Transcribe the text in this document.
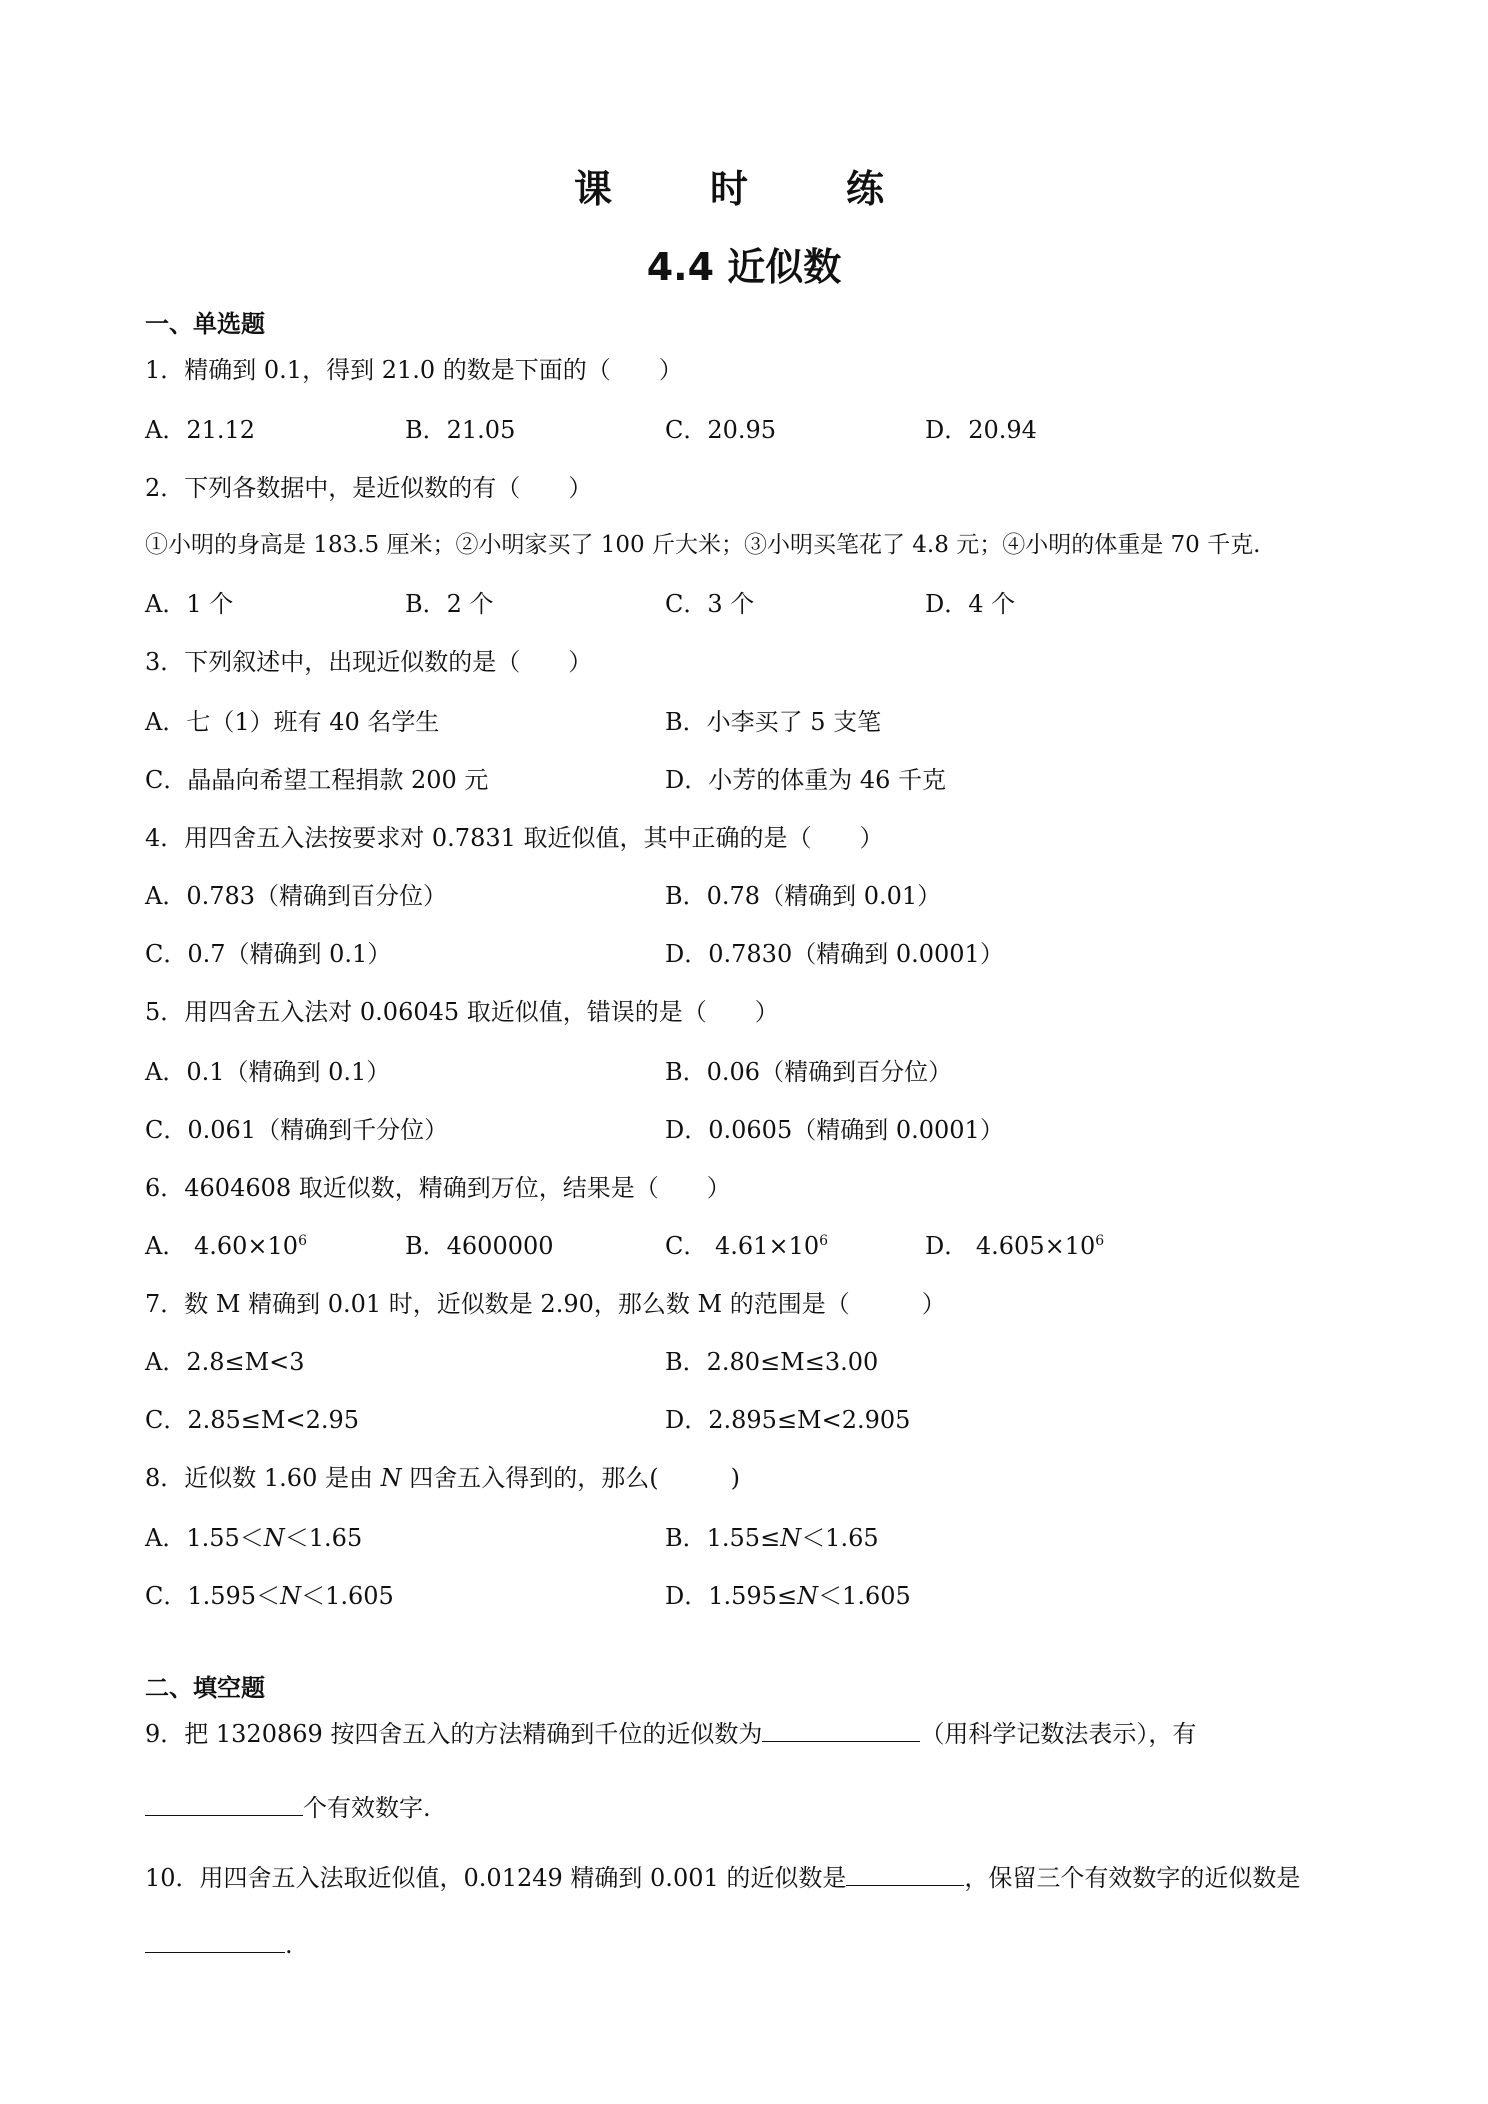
课　时　练
4.4 近似数
一、单选题
1．精确到 0.1，得到 21.0 的数是下面的（　　）
A．21.12	B．21.05	C．20.95	D．20.94
2．下列各数据中，是近似数的有（　　）
①小明的身高是 183.5 厘米；②小明家买了 100 斤大米；③小明买笔花了 4.8 元；④小明的体重是 70 千克.
A．1 个	B．2 个	C．3 个	D．4 个
3．下列叙述中，出现近似数的是（　　）
A．七（1）班有 40 名学生	B．小李买了 5 支笔
C．晶晶向希望工程捐款 200 元	D．小芳的体重为 46 千克
4．用四舍五入法按要求对 0.7831 取近似值，其中正确的是（　　）
A．0.783（精确到百分位）	B．0.78（精确到 0.01）
C．0.7（精确到 0.1）	D．0.7830（精确到 0.0001）
5．用四舍五入法对 0.06045 取近似值，错误的是（　　）
A．0.1（精确到 0.1）	B．0.06（精确到百分位）
C．0.061（精确到千分位）	D．0.0605（精确到 0.0001）
6．4604608 取近似数，精确到万位，结果是（　　）
A． $4.60\times 10^6$	B．4600000	C． $4.61\times 10^6$	D． $4.605\times 10^6$
7．数 M 精确到 0.01 时，近似数是 2.90，那么数 M 的范围是（　　　）
A．2.8≤M<3	B．2.80≤M≤3.00
C．2.85≤M<2.95	D．2.895≤M<2.905
8．近似数 1.60 是由 N 四舍五入得到的，那么(　　　)
A．1.55＜N＜1.65	B．1.55≤N＜1.65
C．1.595＜N＜1.605	D．1.595≤N＜1.605
二、填空题
9．把 1320869 按四舍五入的方法精确到千位的近似数为	（用科学记数法表示），有
个有效数字.
10．用四舍五入法取近似值，0.01249 精确到 0.001 的近似数是	，保留三个有效数字的近似数是
.
